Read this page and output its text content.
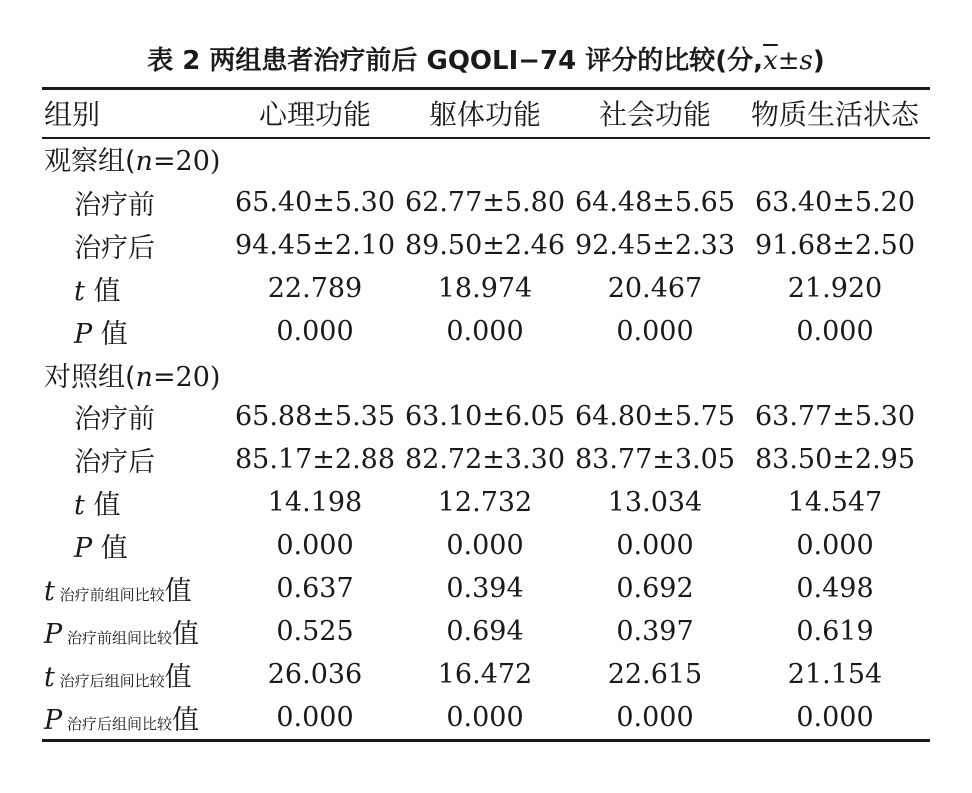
表 2 两组患者治疗前后 GQOLI−74 评分的比较(分$,\overline{x}\pm s$)
组别	心理功能	躯体功能	社会功能	物质生活状态
观察组(n=20)				
治疗前	65.40±5.30	62.77±5.80	64.48±5.65	63.40±5.20
治疗后	94.45±2.10	89.50±2.46	92.45±2.33	91.68±2.50
t 值	22.789	18.974	20.467	21.920
P 值	0.000	0.000	0.000	0.000
对照组(n=20)				
治疗前	65.88±5.35	63.10±6.05	64.80±5.75	63.77±5.30
治疗后	85.17±2.88	82.72±3.30	83.77±3.05	83.50±2.95
t 值	14.198	12.732	13.034	14.547
P 值	0.000	0.000	0.000	0.000
t 治疗前组间比较值	0.637	0.394	0.692	0.498
P 治疗前组间比较值	0.525	0.694	0.397	0.619
t 治疗后组间比较值	26.036	16.472	22.615	21.154
P 治疗后组间比较值	0.000	0.000	0.000	0.000
